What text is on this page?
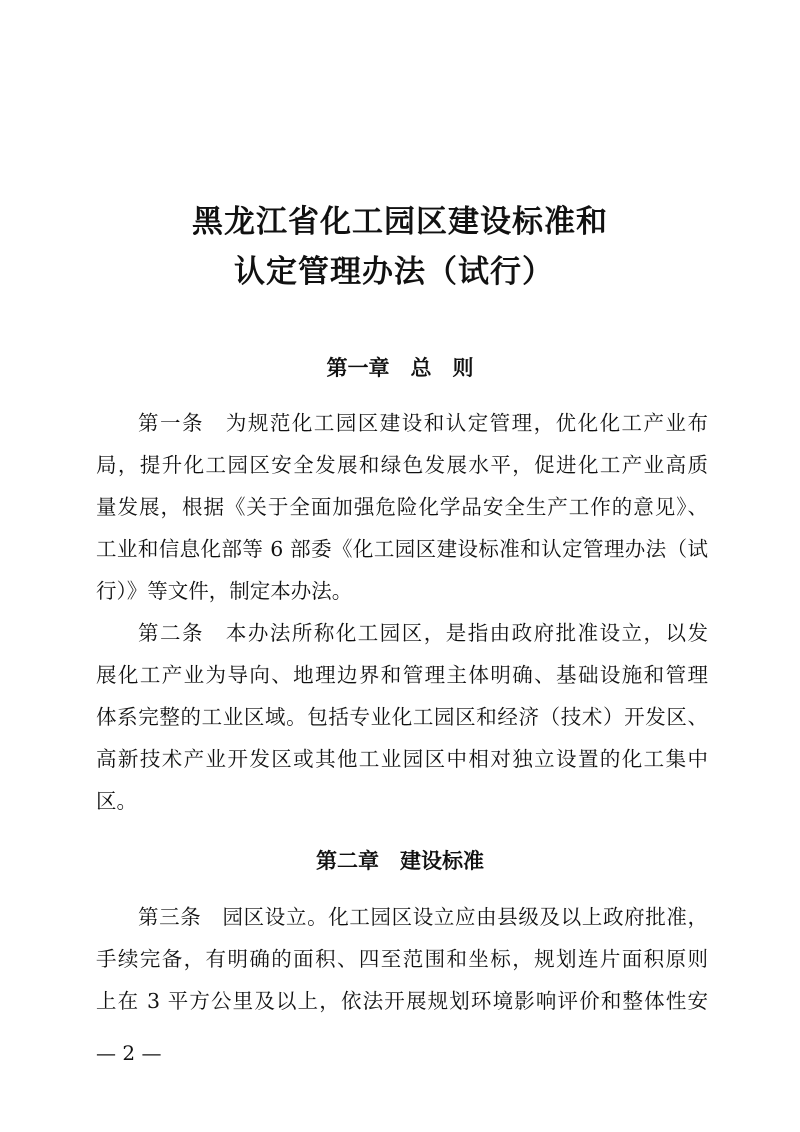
黑龙江省化工园区建设标准和
认定管理办法（试行）
第一章　总　则
第一条　为规范化工园区建设和认定管理，优化化工产业布
局，提升化工园区安全发展和绿色发展水平，促进化工产业高质
量发展，根据《关于全面加强危险化学品安全生产工作的意见》、
工业和信息化部等 6 部委《化工园区建设标准和认定管理办法（试
行）》等文件，制定本办法。
第二条　本办法所称化工园区，是指由政府批准设立，以发
展化工产业为导向、地理边界和管理主体明确、基础设施和管理
体系完整的工业区域。包括专业化工园区和经济（技术）开发区、
高新技术产业开发区或其他工业园区中相对独立设置的化工集中
区。
第二章　建设标准
第三条　园区设立。化工园区设立应由县级及以上政府批准，
手续完备，有明确的面积、四至范围和坐标，规划连片面积原则
上在 3 平方公里及以上，依法开展规划环境影响评价和整体性安
— 2 —
